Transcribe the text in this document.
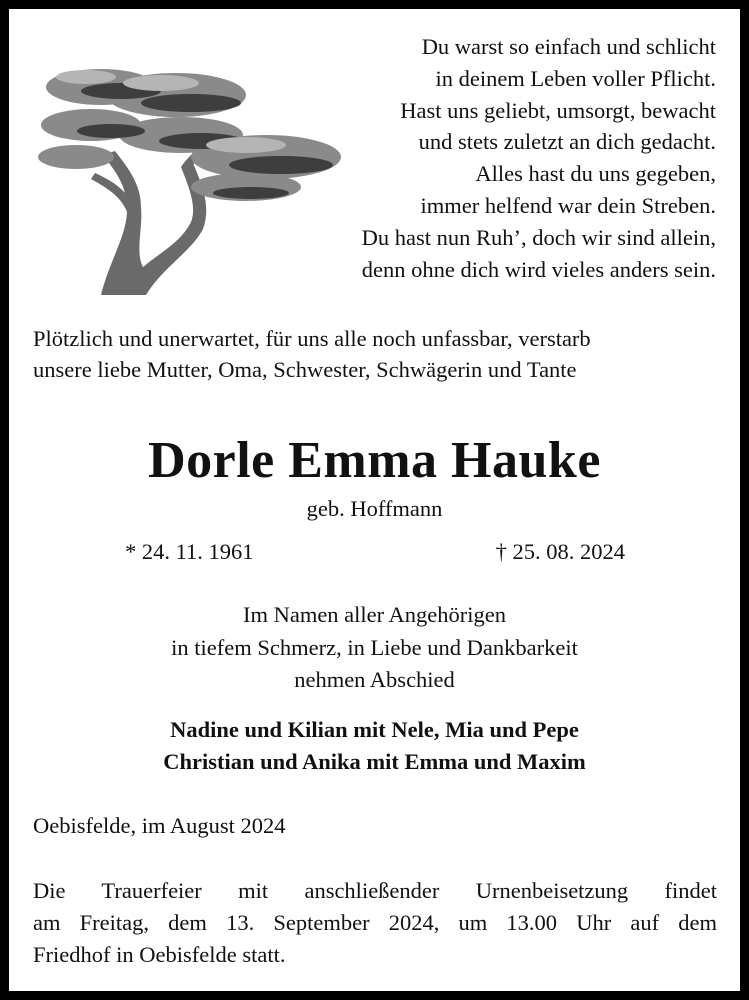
Du warst so einfach und schlicht
in deinem Leben voller Pflicht.
Hast uns geliebt, umsorgt, bewacht
und stets zuletzt an dich gedacht.
Alles hast du uns gegeben,
immer helfend war dein Streben.
Du hast nun Ruh’, doch wir sind allein,
denn ohne dich wird vieles anders sein.
Plötzlich und unerwartet, für uns alle noch unfassbar, verstarb
unsere liebe Mutter, Oma, Schwester, Schwägerin und Tante
Dorle Emma Hauke
geb. Hoffmann
* 24. 11. 1961	† 25. 08. 2024
Im Namen aller Angehörigen
in tiefem Schmerz, in Liebe und Dankbarkeit
nehmen Abschied
Nadine und Kilian mit Nele, Mia und Pepe
Christian und Anika mit Emma und Maxim
Oebisfelde, im August 2024
Die Trauerfeier mit anschließender Urnenbeisetzung findet
am Freitag, dem 13. September 2024, um 13.00 Uhr auf dem
Friedhof in Oebisfelde statt.
